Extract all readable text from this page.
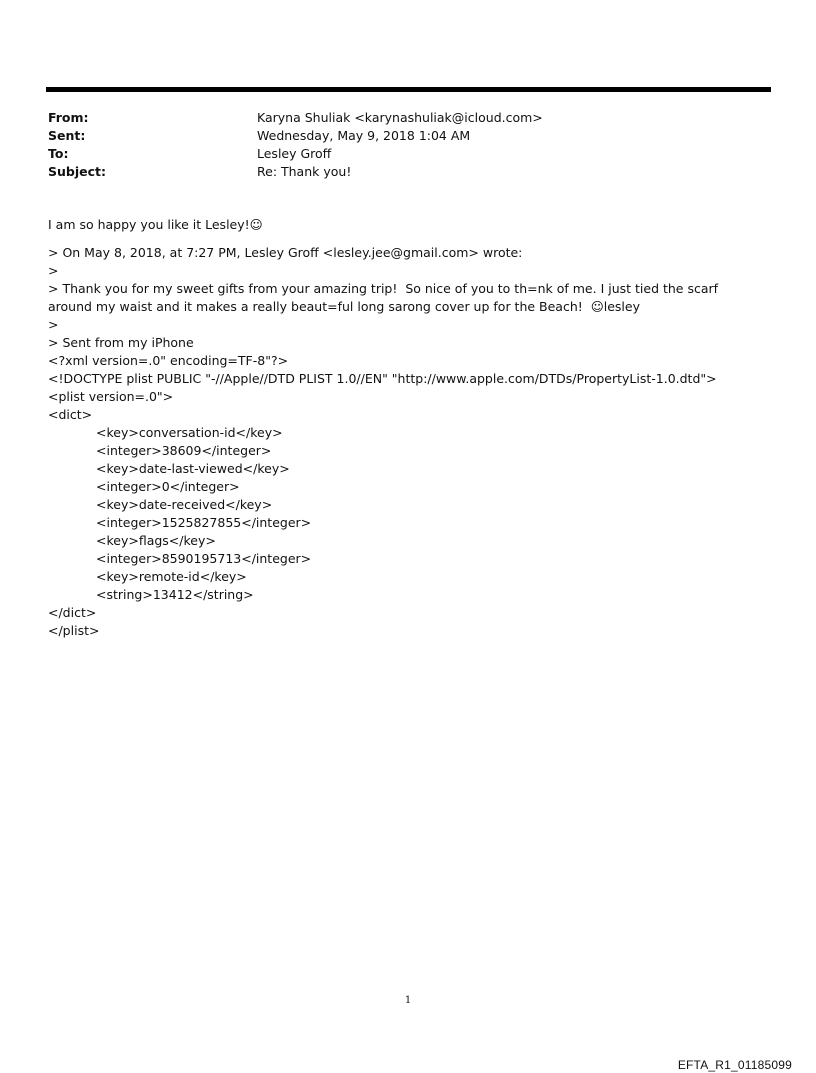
From:	Karyna Shuliak <karynashuliak@icloud.com>
Sent:	Wednesday, May 9, 2018 1:04 AM
To:	Lesley Groff
Subject:	Re: Thank you!
I am so happy you like it Lesley!☺
> On May 8, 2018, at 7:27 PM, Lesley Groff <lesley.jee@gmail.com> wrote:
>
> Thank you for my sweet gifts from your amazing trip!  So nice of you to th=nk of me. I just tied the scarf around my waist and it makes a really beaut=ful long sarong cover up for the Beach!  ☺lesley
>
> Sent from my iPhone
<?xml version=.0" encoding=TF-8"?>
<!DOCTYPE plist PUBLIC "-//Apple//DTD PLIST 1.0//EN" "http://www.apple.com/DTDs/PropertyList-1.0.dtd">
<plist version=.0">
<dict>
<key>conversation-id</key>
<integer>38609</integer>
<key>date-last-viewed</key>
<integer>0</integer>
<key>date-received</key>
<integer>1525827855</integer>
<key>flags</key>
<integer>8590195713</integer>
<key>remote-id</key>
<string>13412</string>
</dict>
</plist>
1
EFTA_R1_01185099
